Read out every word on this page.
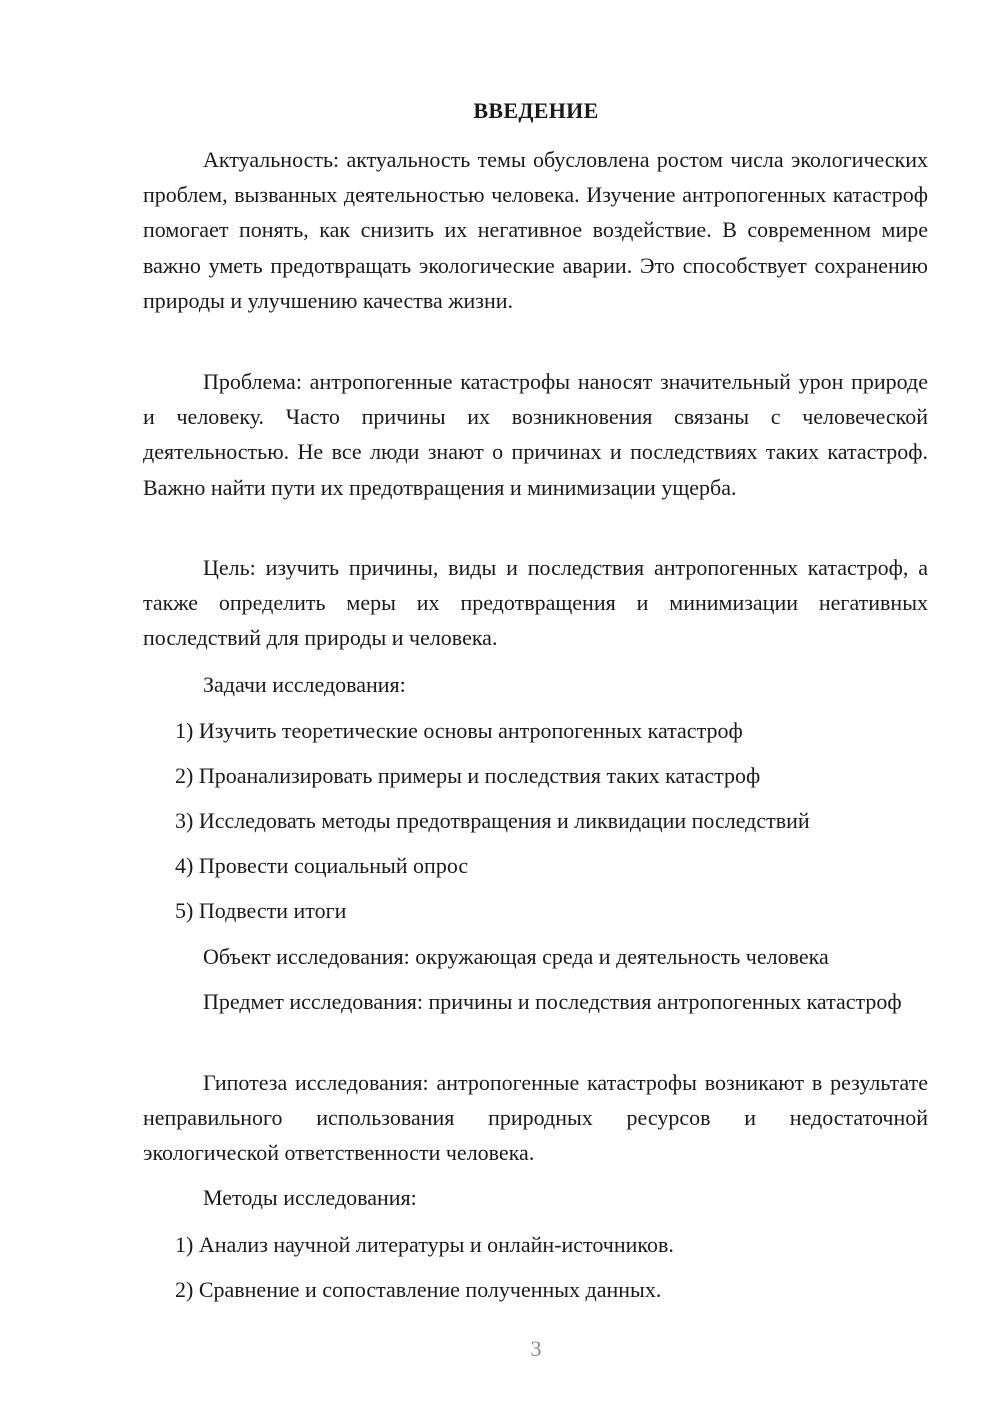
ВВЕДЕНИЕ

Актуальность: актуальность темы обусловлена ростом числа экологических проблем, вызванных деятельностью человека. Изучение антропогенных катастроф помогает понять, как снизить их негативное воздействие. В современном мире важно уметь предотвращать экологические аварии. Это способствует сохранению природы и улучшению качества жизни.

Проблема: антропогенные катастрофы наносят значительный урон природе и человеку. Часто причины их возникновения связаны с человеческой деятельностью. Не все люди знают о причинах и последствиях таких катастроф. Важно найти пути их предотвращения и минимизации ущерба.

Цель: изучить причины, виды и последствия антропогенных катастроф, а также определить меры их предотвращения и минимизации негативных последствий для природы и человека.

Задачи исследования:

1) Изучить теоретические основы антропогенных катастроф

2) Проанализировать примеры и последствия таких катастроф

3) Исследовать методы предотвращения и ликвидации последствий

4) Провести социальный опрос

5) Подвести итоги

Объект исследования: окружающая среда и деятельность человека

Предмет исследования: причины и последствия антропогенных катастроф

Гипотеза исследования: антропогенные катастрофы возникают в результате неправильного использования природных ресурсов и недостаточной экологической ответственности человека.

Методы исследования:

1) Анализ научной литературы и онлайн-источников.

2) Сравнение и сопоставление полученных данных.

3
